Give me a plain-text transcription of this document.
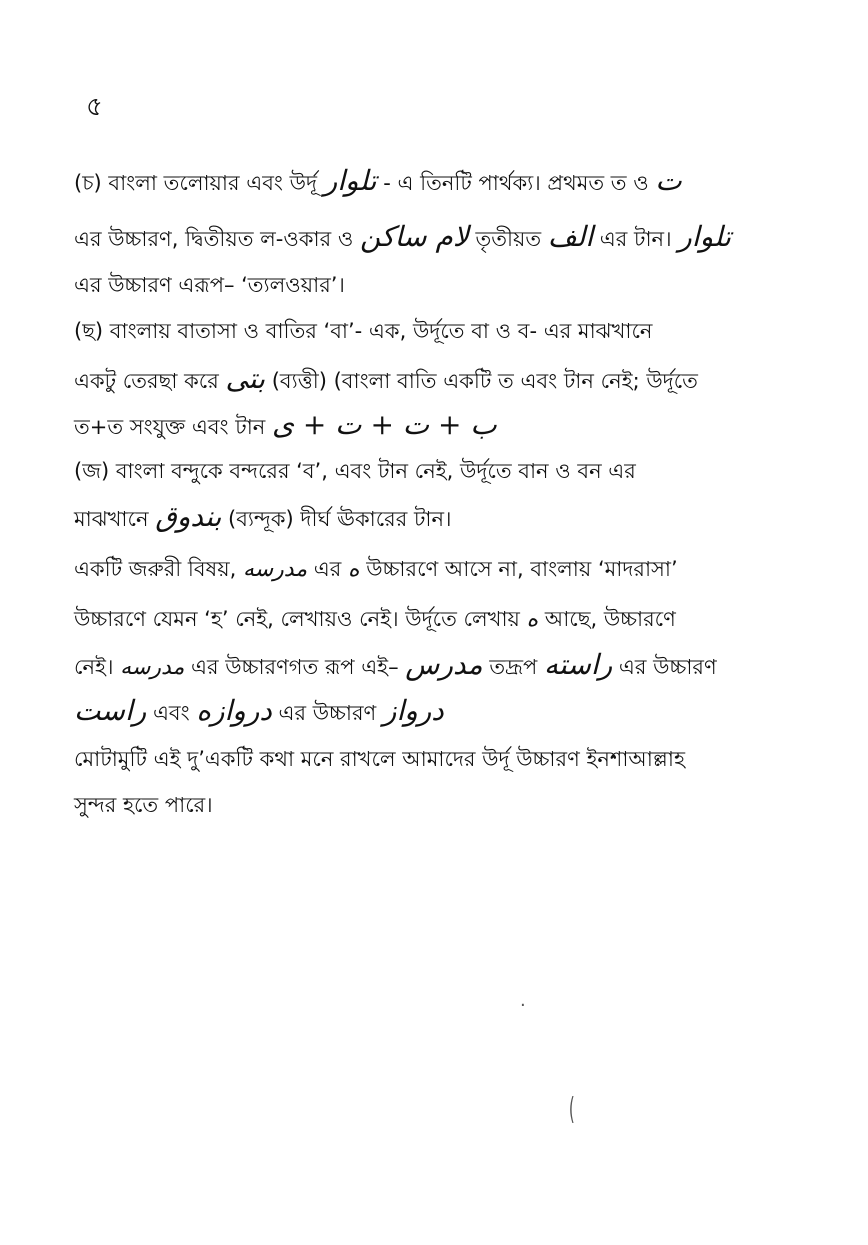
৫
(চ) বাংলা তলোয়ার এবং উর্দূ تلوار - এ তিনটি পার্থক্য। প্রথমত ত ও ت
এর উচ্চারণ, দ্বিতীয়ত ল-ওকার ও لام ساكن তৃতীয়ত الف এর টান। تلوار
এর উচ্চারণ এরূপ– ‘ত্যলওয়ার’।
(ছ) বাংলায় বাতাসা ও বাতির ‘বা’- এক, উর্দূতে বা ও ব- এর মাঝখানে
একটু তেরছা করে بتى (ব্যত্তী) (বাংলা বাতি একটি ত এবং টান নেই; উর্দূতে
ত+ত সংযুক্ত এবং টান ب + ت + ت + ى
(জ) বাংলা বন্দুকে বন্দরের ‘ব’, এবং টান নেই, উর্দূতে বান ও বন এর
মাঝখানে بندوق (ব্যন্দূক) দীর্ঘ ঊকারের টান।
একটি জরুরী বিষয়, مدرسه এর ه উচ্চারণে আসে না, বাংলায় ‘মাদরাসা’
উচ্চারণে যেমন ‘হ’ নেই, লেখায়ও নেই। উর্দূতে লেখায় ه আছে, উচ্চারণে
নেই। مدرسه এর উচ্চারণগত রূপ এই– مدرس তদ্রূপ راسته এর উচ্চারণ
راست এবং دروازه এর উচ্চারণ درواز
মোটামুটি এই দু’একটি কথা মনে রাখলে আমাদের উর্দূ উচ্চারণ ইনশাআল্লাহ
সুন্দর হতে পারে।
(
.
